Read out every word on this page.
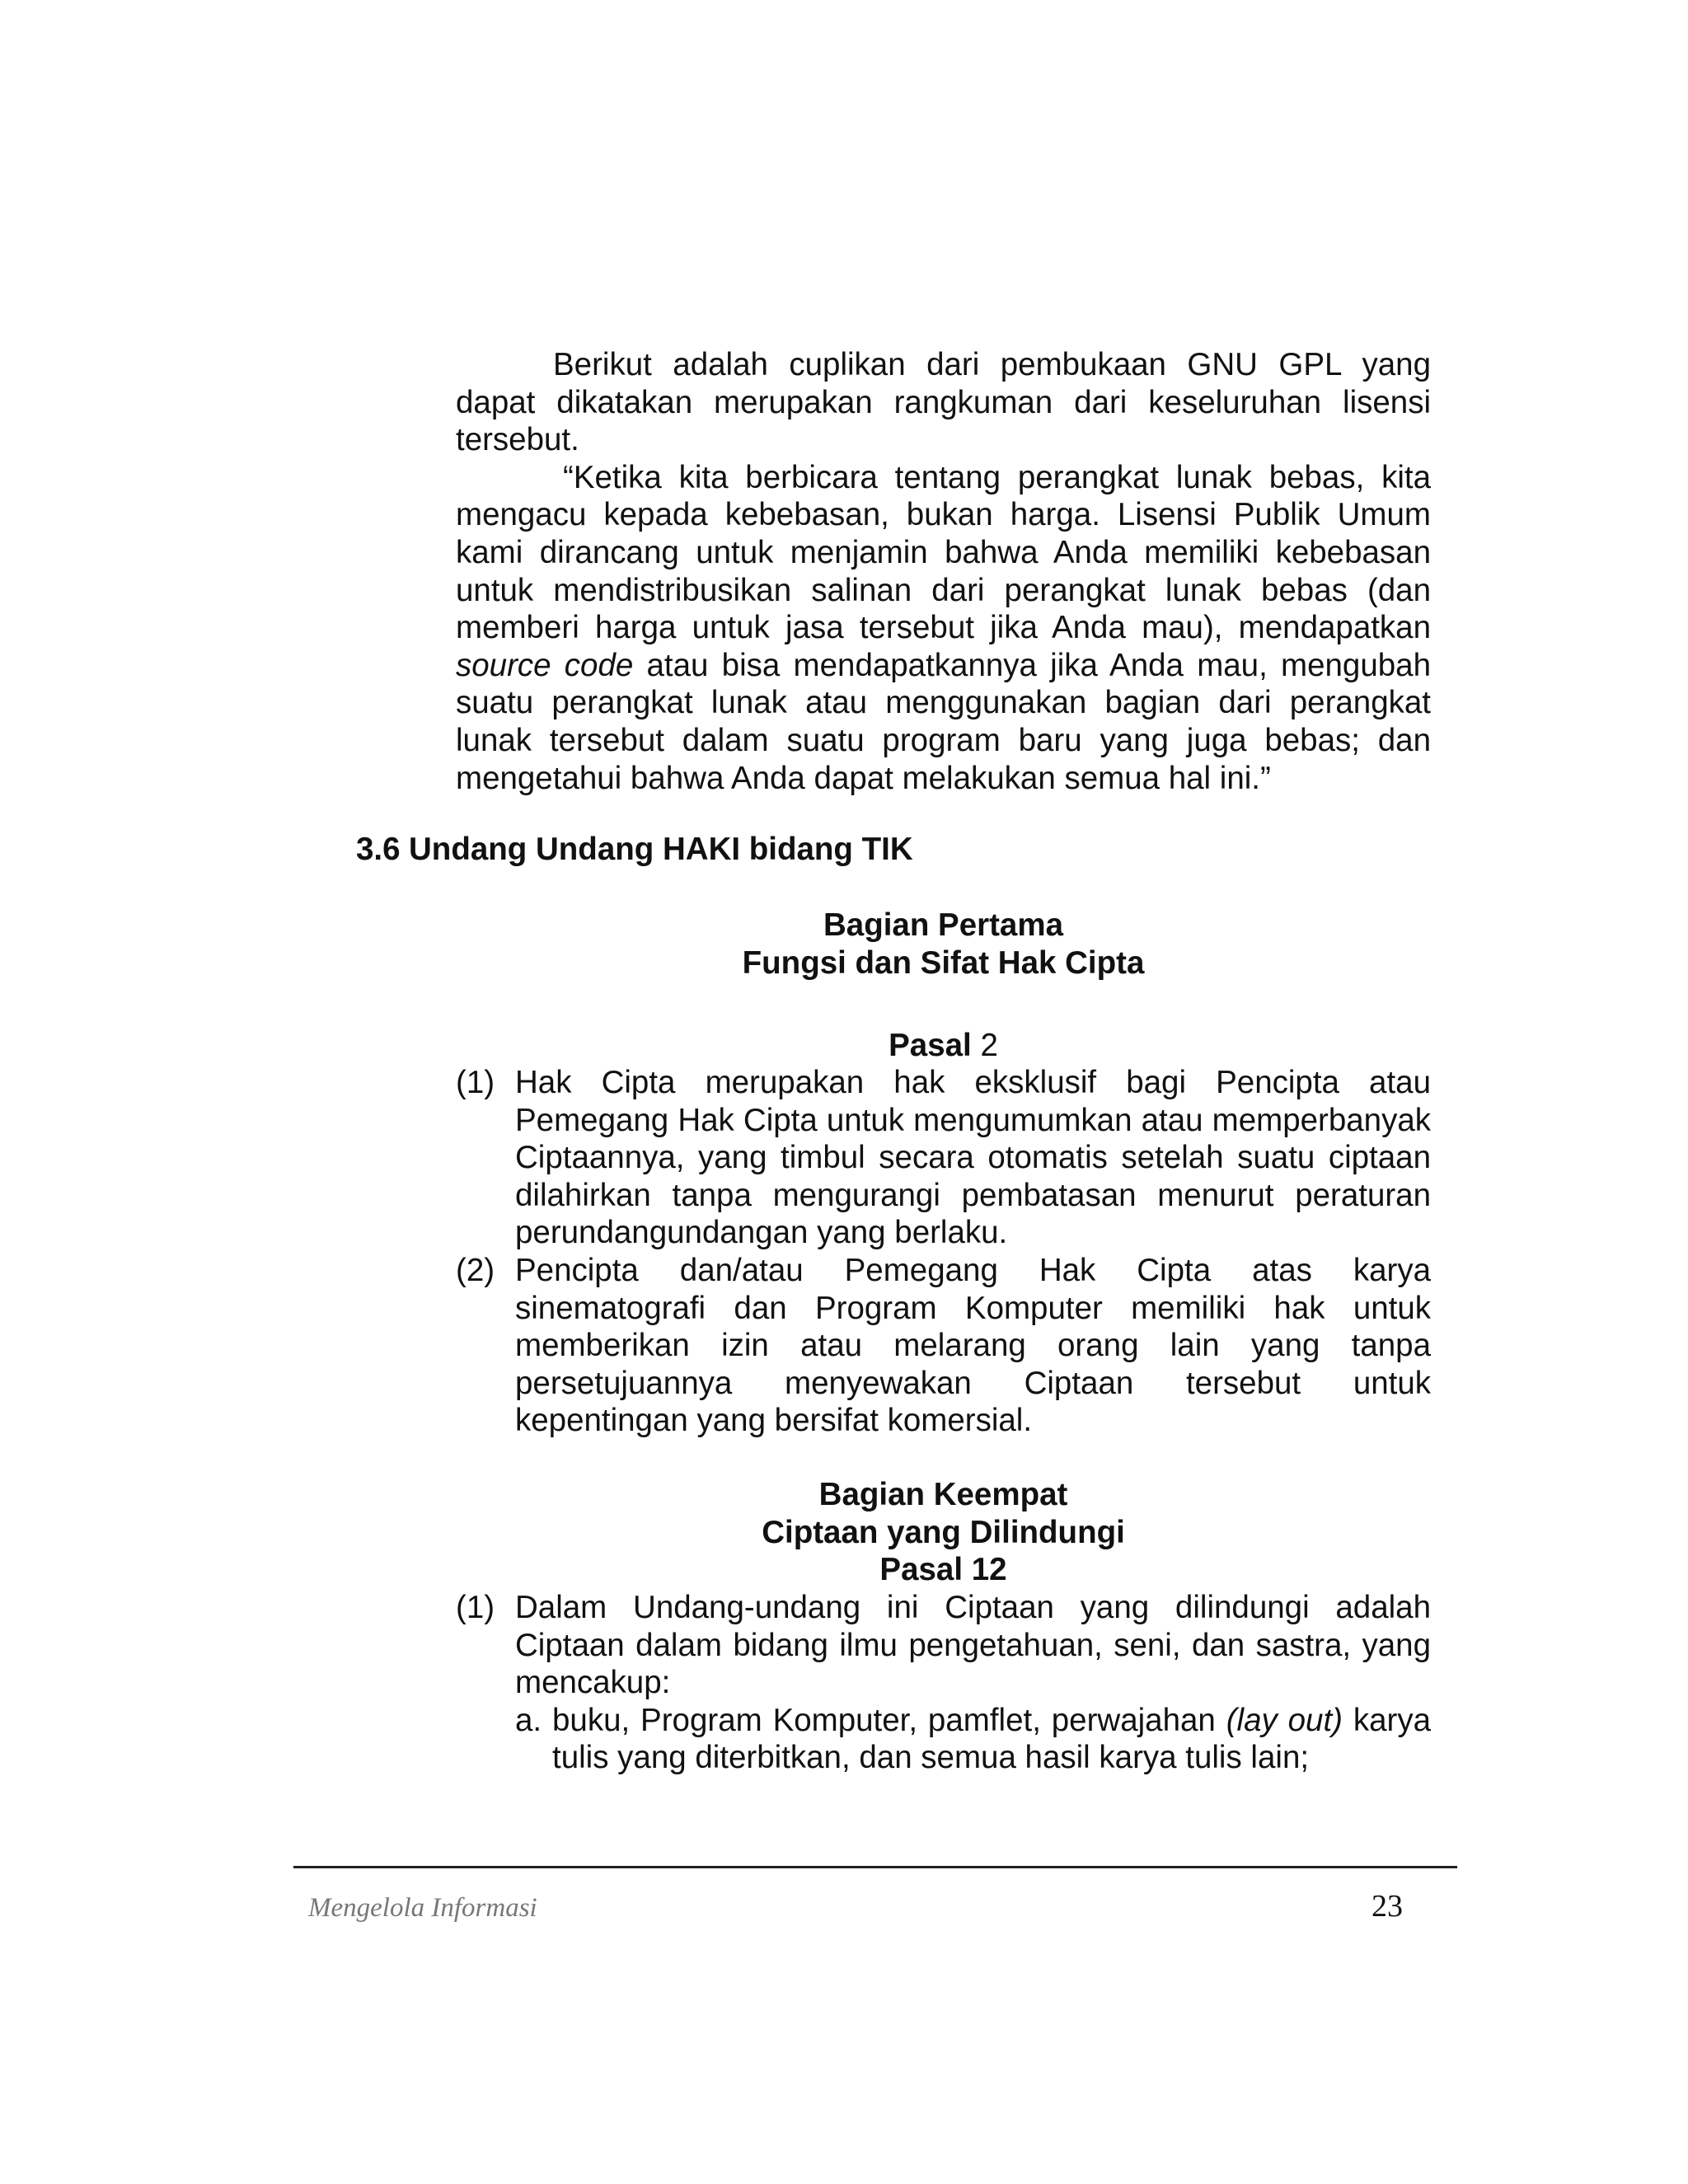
Berikut adalah cuplikan dari pembukaan GNU GPL yang dapat dikatakan merupakan rangkuman dari keseluruhan lisensi tersebut.

“Ketika kita berbicara tentang perangkat lunak bebas, kita mengacu kepada kebebasan, bukan harga. Lisensi Publik Umum kami dirancang untuk menjamin bahwa Anda memiliki kebebasan untuk mendistribusikan salinan dari perangkat lunak bebas (dan memberi harga untuk jasa tersebut jika Anda mau), mendapatkan source code atau bisa mendapatkannya jika Anda mau, mengubah suatu perangkat lunak atau menggunakan bagian dari perangkat lunak tersebut dalam suatu program baru yang juga bebas; dan mengetahui bahwa Anda dapat melakukan semua hal ini.”

3.6 Undang Undang HAKI bidang TIK
Bagian Pertama
Fungsi dan Sifat Hak Cipta
Pasal 2
(1) Hak Cipta merupakan hak eksklusif bagi Pencipta atau Pemegang Hak Cipta untuk mengumumkan atau memperbanyak Ciptaannya, yang timbul secara otomatis setelah suatu ciptaan dilahirkan tanpa mengurangi pembatasan menurut peraturan perundangundangan yang berlaku.
(2) Pencipta dan/atau Pemegang Hak Cipta atas karya sinematografi dan Program Komputer memiliki hak untuk memberikan izin atau melarang orang lain yang tanpa persetujuannya menyewakan Ciptaan tersebut untuk kepentingan yang bersifat komersial.
Bagian Keempat
Ciptaan yang Dilindungi
Pasal 12
(1) Dalam Undang-undang ini Ciptaan yang dilindungi adalah Ciptaan dalam bidang ilmu pengetahuan, seni, dan sastra, yang mencakup:
a. buku, Program Komputer, pamflet, perwajahan (lay out) karya tulis yang diterbitkan, dan semua hasil karya tulis lain;
Mengelola Informasi	23
